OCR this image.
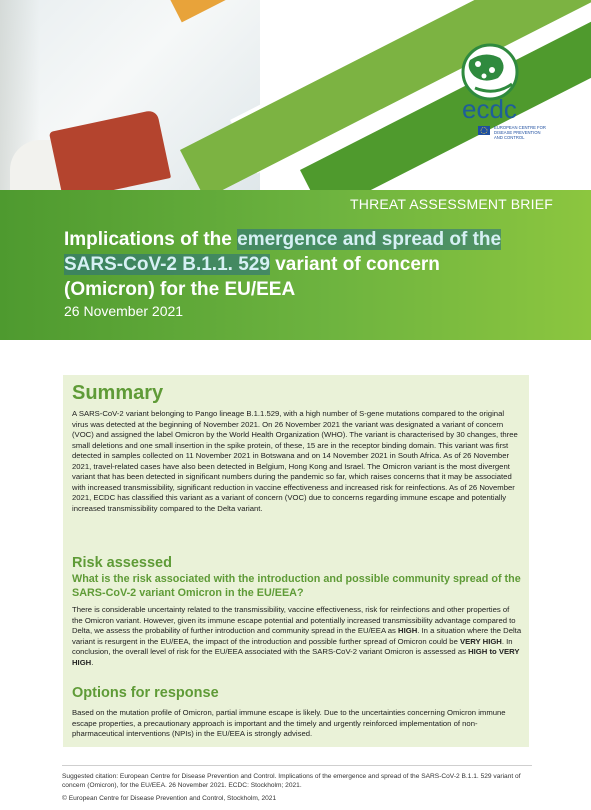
ecdc
EUROPEAN CENTRE FOR
DISEASE PREVENTION
AND CONTROL
THREAT ASSESSMENT BRIEF
Implications of the emergence and spread of the SARS-CoV-2 B.1.1. 529 variant of concern (Omicron) for the EU/EEA
26 November 2021
Summary

A SARS-CoV-2 variant belonging to Pango lineage B.1.1.529, with a high number of S-gene mutations compared to the original virus was detected at the beginning of November 2021. On 26 November 2021 the variant was designated a variant of concern (VOC) and assigned the label Omicron by the World Health Organization (WHO). The variant is characterised by 30 changes, three small deletions and one small insertion in the spike protein, of these, 15 are in the receptor binding domain. This variant was first detected in samples collected on 11 November 2021 in Botswana and on 14 November 2021 in South Africa. As of 26 November 2021, travel-related cases have also been detected in Belgium, Hong Kong and Israel. The Omicron variant is the most divergent variant that has been detected in significant numbers during the pandemic so far, which raises concerns that it may be associated with increased transmissibility, significant reduction in vaccine effectiveness and increased risk for reinfections. As of 26 November 2021, ECDC has classified this variant as a variant of concern (VOC) due to concerns regarding immune escape and potentially increased transmissibility compared to the Delta variant.

Risk assessed

What is the risk associated with the introduction and possible community spread of the SARS-CoV-2 variant Omicron in the EU/EEA?

There is considerable uncertainty related to the transmissibility, vaccine effectiveness, risk for reinfections and other properties of the Omicron variant. However, given its immune escape potential and potentially increased transmissibility advantage compared to Delta, we assess the probability of further introduction and community spread in the EU/EEA as HIGH. In a situation where the Delta variant is resurgent in the EU/EEA, the impact of the introduction and possible further spread of Omicron could be VERY HIGH. In conclusion, the overall level of risk for the EU/EEA associated with the SARS-CoV-2 variant Omicron is assessed as HIGH to VERY HIGH.

Options for response

Based on the mutation profile of Omicron, partial immune escape is likely. Due to the uncertainties concerning Omicron immune escape properties, a precautionary approach is important and the timely and urgently reinforced implementation of non-pharmaceutical interventions (NPIs) in the EU/EEA is strongly advised.

Suggested citation: European Centre for Disease Prevention and Control. Implications of the emergence and spread of the SARS-CoV-2 B.1.1. 529 variant of concern (Omicron), for the EU/EEA. 26 November 2021. ECDC: Stockholm; 2021.

© European Centre for Disease Prevention and Control, Stockholm, 2021
